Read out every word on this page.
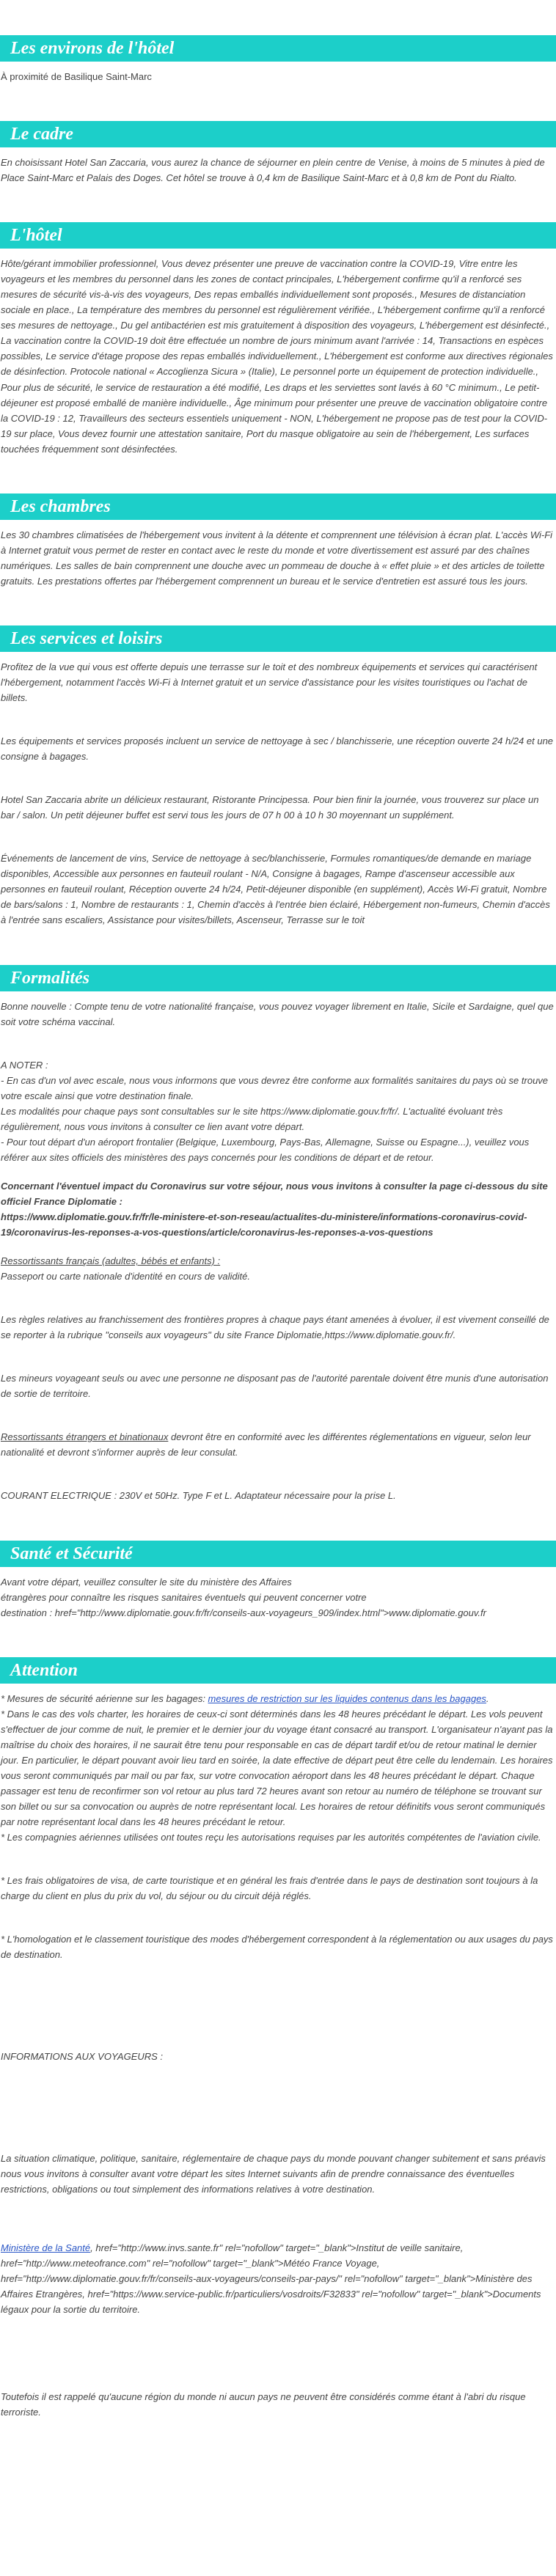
Les environs de l'hôtel

À proximité de Basilique Saint-Marc

Le cadre

En choisissant Hotel San Zaccaria, vous aurez la chance de séjourner en plein centre de Venise, à moins de 5 minutes à pied de Place Saint-Marc et Palais des Doges. Cet hôtel se trouve à 0,4 km de Basilique Saint-Marc et à 0,8 km de Pont du Rialto.

L'hôtel

Hôte/gérant immobilier professionnel, Vous devez présenter une preuve de vaccination contre la COVID-19, Vitre entre les voyageurs et les membres du personnel dans les zones de contact principales, L'hébergement confirme qu'il a renforcé ses mesures de sécurité vis-à-vis des voyageurs, Des repas emballés individuellement sont proposés., Mesures de distanciation sociale en place., La température des membres du personnel est régulièrement vérifiée., L'hébergement confirme qu'il a renforcé ses mesures de nettoyage., Du gel antibactérien est mis gratuitement à disposition des voyageurs, L'hébergement est désinfecté., La vaccination contre la COVID-19 doit être effectuée un nombre de jours minimum avant l'arrivée : 14, Transactions en espèces possibles, Le service d'étage propose des repas emballés individuellement., L'hébergement est conforme aux directives régionales de désinfection. Protocole national « Accoglienza Sicura » (Italie), Le personnel porte un équipement de protection individuelle., Pour plus de sécurité, le service de restauration a été modifié, Les draps et les serviettes sont lavés à 60 °C minimum., Le petit-déjeuner est proposé emballé de manière individuelle., Âge minimum pour présenter une preuve de vaccination obligatoire contre la COVID-19 : 12, Travailleurs des secteurs essentiels uniquement - NON, L'hébergement ne propose pas de test pour la COVID-19 sur place, Vous devez fournir une attestation sanitaire, Port du masque obligatoire au sein de l'hébergement, Les surfaces touchées fréquemment sont désinfectées.

Les chambres

Les 30 chambres climatisées de l'hébergement vous invitent à la détente et comprennent une télévision à écran plat. L'accès Wi-Fi à Internet gratuit vous permet de rester en contact avec le reste du monde et votre divertissement est assuré par des chaînes numériques. Les salles de bain comprennent une douche avec un pommeau de douche à « effet pluie » et des articles de toilette gratuits. Les prestations offertes par l'hébergement comprennent un bureau et le service d'entretien est assuré tous les jours.

Les services et loisirs

Profitez de la vue qui vous est offerte depuis une terrasse sur le toit et des nombreux équipements et services qui caractérisent l'hébergement, notamment l'accès Wi-Fi à Internet gratuit et un service d'assistance pour les visites touristiques ou l'achat de billets.

Les équipements et services proposés incluent un service de nettoyage à sec / blanchisserie, une réception ouverte 24 h/24 et une consigne à bagages.

Hotel San Zaccaria abrite un délicieux restaurant, Ristorante Principessa. Pour bien finir la journée, vous trouverez sur place un bar / salon. Un petit déjeuner buffet est servi tous les jours de 07 h 00 à 10 h 30 moyennant un supplément.

Événements de lancement de vins, Service de nettoyage à sec/blanchisserie, Formules romantiques/de demande en mariage disponibles, Accessible aux personnes en fauteuil roulant - N/A, Consigne à bagages, Rampe d'ascenseur accessible aux personnes en fauteuil roulant, Réception ouverte 24 h/24, Petit-déjeuner disponible (en supplément), Accès Wi-Fi gratuit, Nombre de bars/salons : 1, Nombre de restaurants : 1, Chemin d'accès à l'entrée bien éclairé, Hébergement non-fumeurs, Chemin d'accès à l'entrée sans escaliers, Assistance pour visites/billets, Ascenseur, Terrasse sur le toit

Formalités

Bonne nouvelle : Compte tenu de votre nationalité française, vous pouvez voyager librement en Italie, Sicile et Sardaigne, quel que soit votre schéma vaccinal.

A NOTER :

- En cas d'un vol avec escale, nous vous informons que vous devrez être conforme aux formalités sanitaires du pays où se trouve votre escale ainsi que votre destination finale.

Les modalités pour chaque pays sont consultables sur le site https://www.diplomatie.gouv.fr/fr/. L'actualité évoluant très régulièrement, nous vous invitons à consulter ce lien avant votre départ.

- Pour tout départ d'un aéroport frontalier (Belgique, Luxembourg, Pays-Bas, Allemagne, Suisse ou Espagne...), veuillez vous référer aux sites officiels des ministères des pays concernés pour les conditions de départ et de retour.

Concernant l'éventuel impact du Coronavirus sur votre séjour, nous vous invitons à consulter la page ci-dessous du site officiel France Diplomatie :

https://www.diplomatie.gouv.fr/fr/le-ministere-et-son-reseau/actualites-du-ministere/informations-coronavirus-covid-19/coronavirus-les-reponses-a-vos-questions/article/coronavirus-les-reponses-a-vos-questions

Ressortissants français (adultes, bébés et enfants) :

Passeport ou carte nationale d'identité en cours de validité.

Les règles relatives au franchissement des frontières propres à chaque pays étant amenées à évoluer, il est vivement conseillé de se reporter à la rubrique "conseils aux voyageurs" du site France Diplomatie,https://www.diplomatie.gouv.fr/.

Les mineurs voyageant seuls ou avec une personne ne disposant pas de l'autorité parentale doivent être munis d'une autorisation de sortie de territoire.

Ressortissants étrangers et binationaux devront être en conformité avec les différentes réglementations en vigueur, selon leur nationalité et devront s'informer auprès de leur consulat.

COURANT ELECTRIQUE : 230V et 50Hz. Type F et L. Adaptateur nécessaire pour la prise L.

Santé et Sécurité

Avant votre départ, veuillez consulter le site du ministère des Affaires

étrangères pour connaître les risques sanitaires éventuels qui peuvent concerner votre

destination : href="http://www.diplomatie.gouv.fr/fr/conseils-aux-voyageurs_909/index.html">www.diplomatie.gouv.fr

Attention

* Mesures de sécurité aérienne sur les bagages: mesures de restriction sur les liquides contenus dans les bagages.

* Dans le cas des vols charter, les horaires de ceux-ci sont déterminés dans les 48 heures précédant le départ. Les vols peuvent s'effectuer de jour comme de nuit, le premier et le dernier jour du voyage étant consacré au transport. L'organisateur n'ayant pas la maîtrise du choix des horaires, il ne saurait être tenu pour responsable en cas de départ tardif et/ou de retour matinal le dernier jour. En particulier, le départ pouvant avoir lieu tard en soirée, la date effective de départ peut être celle du lendemain. Les horaires vous seront communiqués par mail ou par fax, sur votre convocation aéroport dans les 48 heures précédant le départ. Chaque passager est tenu de reconfirmer son vol retour au plus tard 72 heures avant son retour au numéro de téléphone se trouvant sur son billet ou sur sa convocation ou auprès de notre représentant local. Les horaires de retour définitifs vous seront communiqués par notre représentant local dans les 48 heures précédant le retour.

* Les compagnies aériennes utilisées ont toutes reçu les autorisations requises par les autorités compétentes de l'aviation civile.

* Les frais obligatoires de visa, de carte touristique et en général les frais d'entrée dans le pays de destination sont toujours à la charge du client en plus du prix du vol, du séjour ou du circuit déjà réglés.

* L'homologation et le classement touristique des modes d'hébergement correspondent à la réglementation ou aux usages du pays de destination.

INFORMATIONS AUX VOYAGEURS :

La situation climatique, politique, sanitaire, réglementaire de chaque pays du monde pouvant changer subitement et sans préavis

nous vous invitons à consulter avant votre départ les sites Internet suivants afin de prendre connaissance des éventuelles restrictions, obligations ou tout simplement des informations relatives à votre destination.

Ministère de la Santé, href="http://www.invs.sante.fr" rel="nofollow" target="_blank">Institut de veille sanitaire, href="http://www.meteofrance.com" rel="nofollow" target="_blank">Météo France Voyage, href="http://www.diplomatie.gouv.fr/fr/conseils-aux-voyageurs/conseils-par-pays/" rel="nofollow" target="_blank">Ministère des Affaires Etrangères, href="https://www.service-public.fr/particuliers/vosdroits/F32833" rel="nofollow" target="_blank">Documents légaux pour la sortie du territoire.

Toutefois il est rappelé qu'aucune région du monde ni aucun pays ne peuvent être considérés comme étant à l'abri du risque terroriste.
